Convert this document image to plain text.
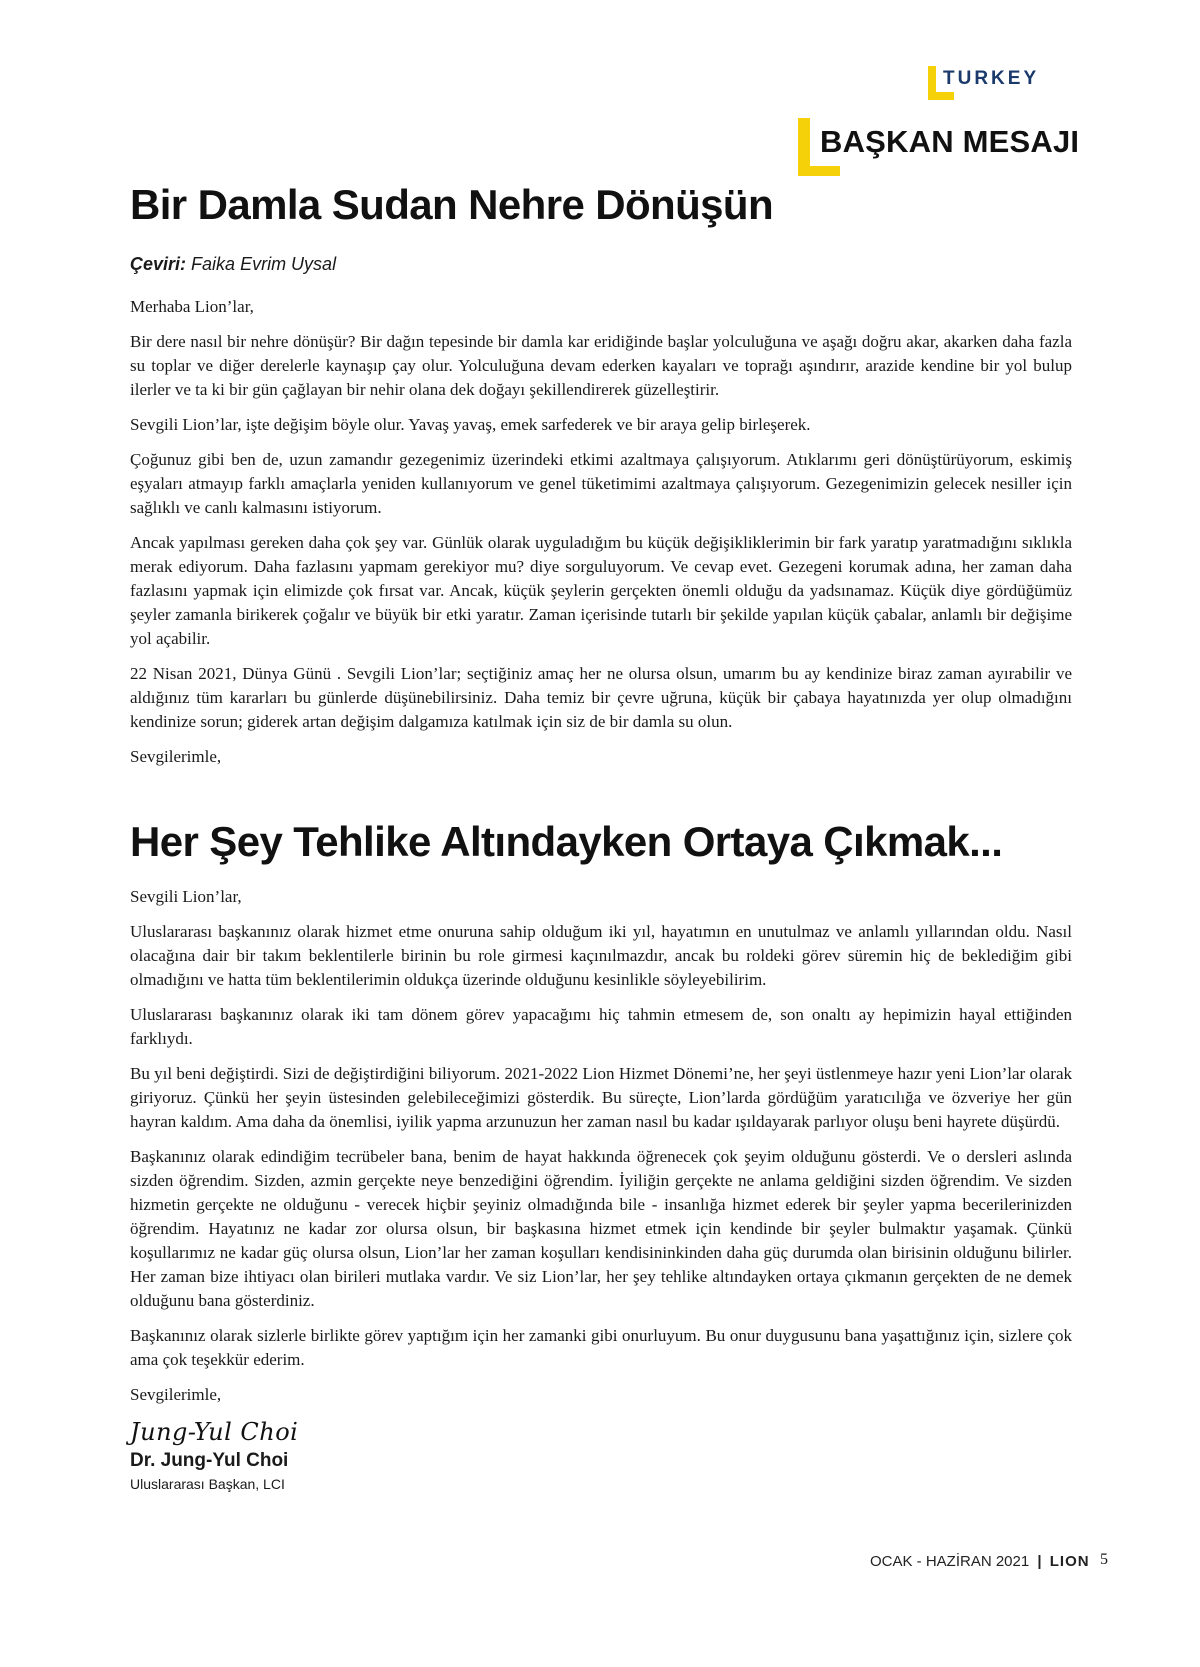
TURKEY
BAŞKAN MESAJI
Bir Damla Sudan Nehre Dönüşün
Çeviri: Faika Evrim Uysal

Merhaba Lion’lar,

Bir dere nasıl bir nehre dönüşür? Bir dağın tepesinde bir damla kar eridiğinde başlar yolculuğuna ve aşağı doğru akar, akarken daha fazla su toplar ve diğer derelerle kaynaşıp çay olur. Yolculuğuna devam ederken kayaları ve toprağı aşındırır, arazide kendine bir yol bulup ilerler ve ta ki bir gün çağlayan bir nehir olana dek doğayı şekillendirerek güzelleştirir.

Sevgili Lion’lar, işte değişim böyle olur. Yavaş yavaş, emek sarfederek ve bir araya gelip birleşerek.

Çoğunuz gibi ben de, uzun zamandır gezegenimiz üzerindeki etkimi azaltmaya çalışıyorum. Atıklarımı geri dönüştürüyorum, eskimiş eşyaları atmayıp farklı amaçlarla yeniden kullanıyorum ve genel tüketimimi azaltmaya çalışıyorum. Gezegenimizin gelecek nesiller için sağlıklı ve canlı kalmasını istiyorum.

Ancak yapılması gereken daha çok şey var. Günlük olarak uyguladığım bu küçük değişikliklerimin bir fark yaratıp yaratmadığını sıklıkla merak ediyorum. Daha fazlasını yapmam gerekiyor mu? diye sorguluyorum. Ve cevap evet. Gezegeni korumak adına, her zaman daha fazlasını yapmak için elimizde çok fırsat var. Ancak, küçük şeylerin gerçekten önemli olduğu da yadsınamaz. Küçük diye gördüğümüz şeyler zamanla birikerek çoğalır ve büyük bir etki yaratır. Zaman içerisinde tutarlı bir şekilde yapılan küçük çabalar, anlamlı bir değişime yol açabilir.

22 Nisan 2021, Dünya Günü . Sevgili Lion’lar; seçtiğiniz amaç her ne olursa olsun, umarım bu ay kendinize biraz zaman ayırabilir ve aldığınız tüm kararları bu günlerde düşünebilirsiniz. Daha temiz bir çevre uğruna, küçük bir çabaya hayatınızda yer olup olmadığını kendinize sorun; giderek artan değişim dalgamıza katılmak için siz de bir damla su olun.

Sevgilerimle,

Her Şey Tehlike Altındayken Ortaya Çıkmak...

Sevgili Lion’lar,

Uluslararası başkanınız olarak hizmet etme onuruna sahip olduğum iki yıl, hayatımın en unutulmaz ve anlamlı yıllarından oldu. Nasıl olacağına dair bir takım beklentilerle birinin bu role girmesi kaçınılmazdır, ancak bu roldeki görev süremin hiç de beklediğim gibi olmadığını ve hatta tüm beklentilerimin oldukça üzerinde olduğunu kesinlikle söyleyebilirim.

Uluslararası başkanınız olarak iki tam dönem görev yapacağımı hiç tahmin etmesem de, son onaltı ay hepimizin hayal ettiğinden farklıydı.

Bu yıl beni değiştirdi. Sizi de değiştirdiğini biliyorum. 2021-2022 Lion Hizmet Dönemi’ne, her şeyi üstlenmeye hazır yeni Lion’lar olarak giriyoruz. Çünkü her şeyin üstesinden gelebileceğimizi gösterdik. Bu süreçte, Lion’larda gördüğüm yaratıcılığa ve özveriye her gün hayran kaldım. Ama daha da önemlisi, iyilik yapma arzunuzun her zaman nasıl bu kadar ışıldayarak parlıyor oluşu beni hayrete düşürdü.

Başkanınız olarak edindiğim tecrübeler bana, benim de hayat hakkında öğrenecek çok şeyim olduğunu gösterdi. Ve o dersleri aslında sizden öğrendim. Sizden, azmin gerçekte neye benzediğini öğrendim. İyiliğin gerçekte ne anlama geldiğini sizden öğrendim. Ve sizden hizmetin gerçekte ne olduğunu - verecek hiçbir şeyiniz olmadığında bile - insanlığa hizmet ederek bir şeyler yapma becerilerinizden öğrendim. Hayatınız ne kadar zor olursa olsun, bir başkasına hizmet etmek için kendinde bir şeyler bulmaktır yaşamak. Çünkü koşullarımız ne kadar güç olursa olsun, Lion’lar her zaman koşulları kendisininkinden daha güç durumda olan birisinin olduğunu bilirler. Her zaman bize ihtiyacı olan birileri mutlaka vardır. Ve siz Lion’lar, her şey tehlike altındayken ortaya çıkmanın gerçekten de ne demek olduğunu bana gösterdiniz.

Başkanınız olarak sizlerle birlikte görev yaptığım için her zamanki gibi onurluyum. Bu onur duygusunu bana yaşattığınız için, sizlere çok ama çok teşekkür ederim.

Sevgilerimle,

Jung-Yul Choi
Dr. Jung-Yul Choi
Uluslararası Başkan, LCI
OCAK - HAZİRAN 2021 | LION 5
